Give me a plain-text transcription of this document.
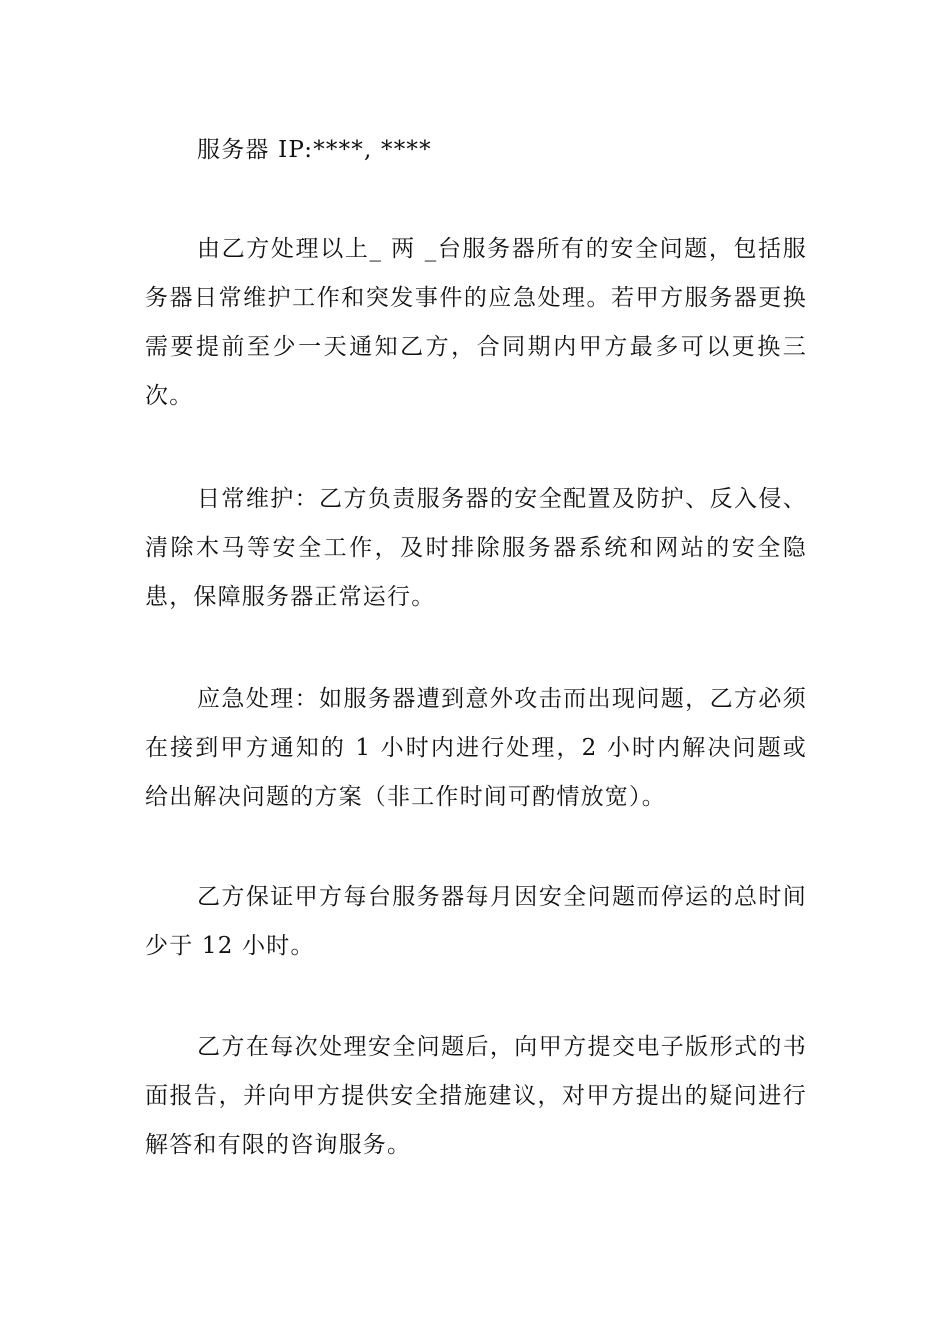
服务器 IP:****, ****

由乙方处理以上_ 两 _台服务器所有的安全问题，包括服务器日常维护工作和突发事件的应急处理。若甲方服务器更换需要提前至少一天通知乙方，合同期内甲方最多可以更换三次。

日常维护：乙方负责服务器的安全配置及防护、反入侵、清除木马等安全工作，及时排除服务器系统和网站的安全隐患，保障服务器正常运行。

应急处理：如服务器遭到意外攻击而出现问题，乙方必须在接到甲方通知的 1 小时内进行处理，2 小时内解决问题或给出解决问题的方案（非工作时间可酌情放宽）。

乙方保证甲方每台服务器每月因安全问题而停运的总时间少于 12 小时。

乙方在每次处理安全问题后，向甲方提交电子版形式的书面报告，并向甲方提供安全措施建议，对甲方提出的疑问进行解答和有限的咨询服务。
